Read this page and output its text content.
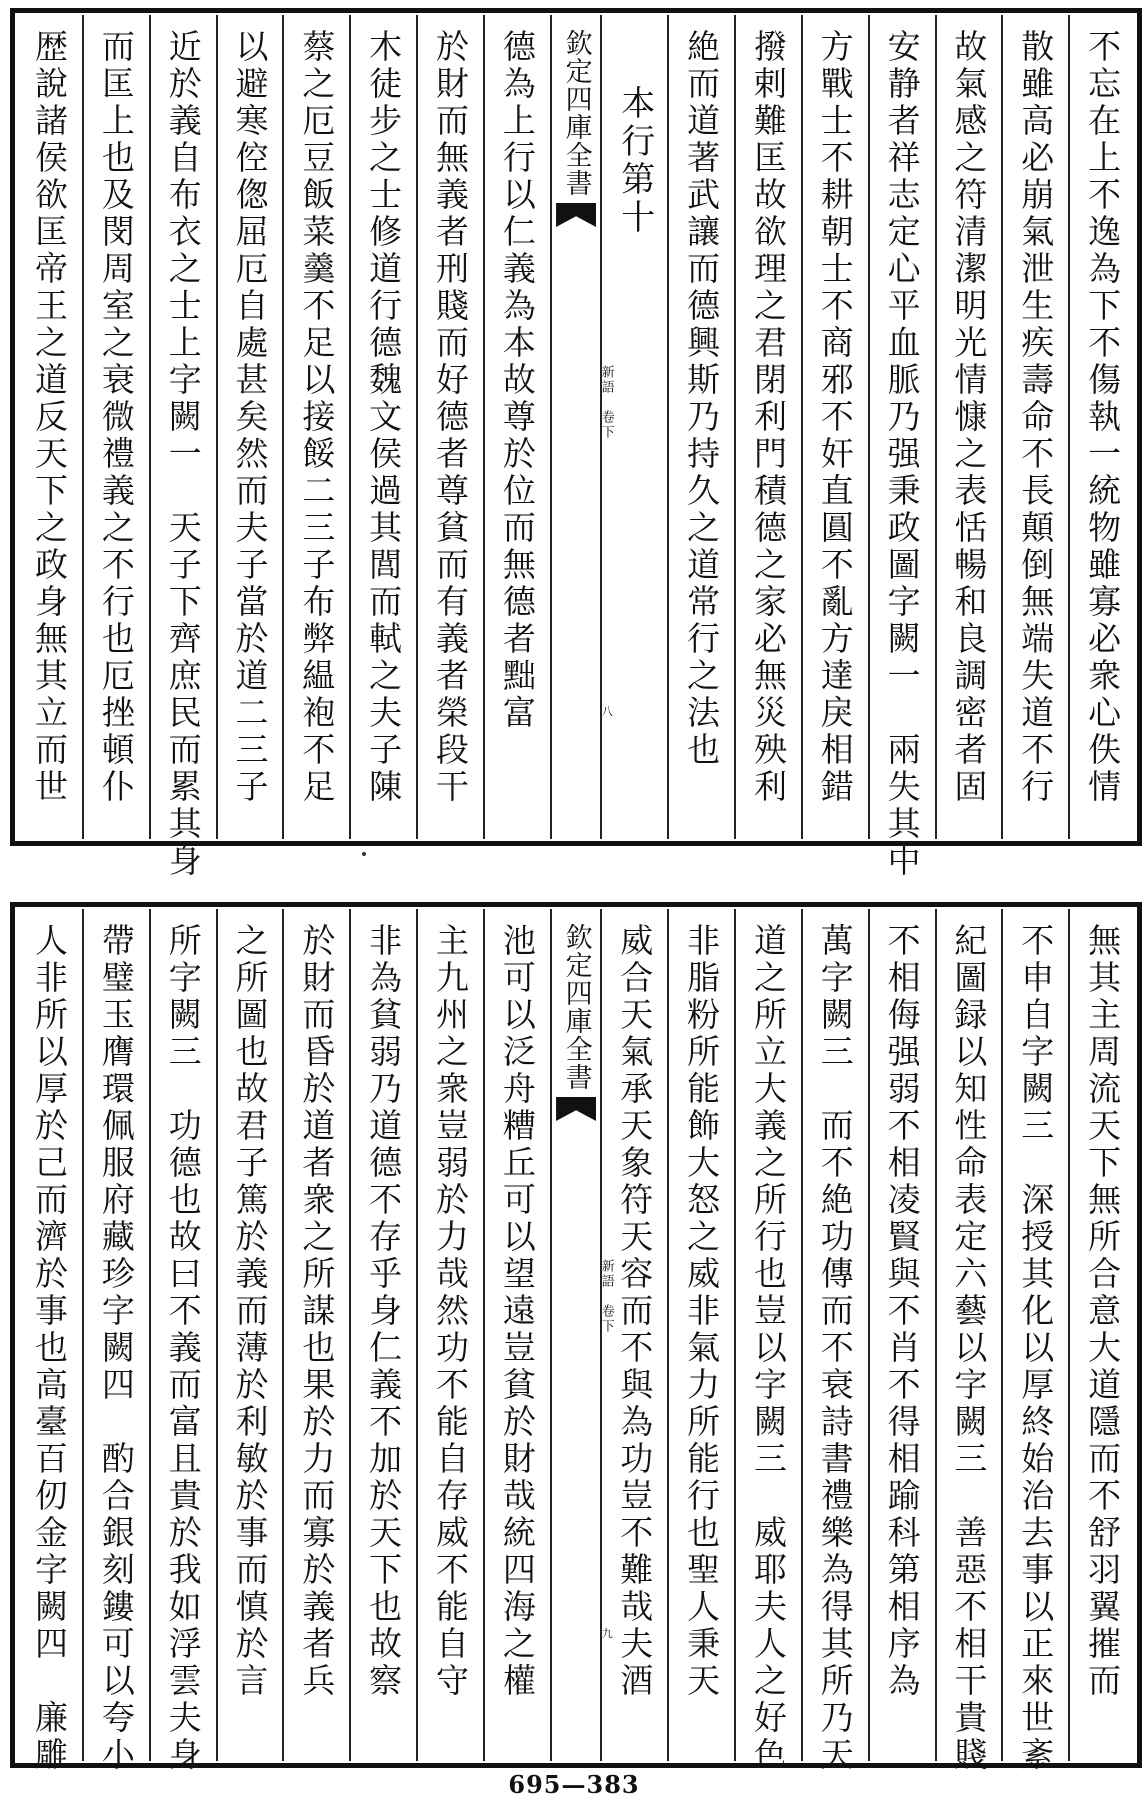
不忘在上不逸為下不傷執一統物雖寡必衆心佚情
散雖高必崩氣泄生疾壽命不長顛倒無端失道不行
故氣感之符清潔明光情慷之表恬暢和良調密者固
安静者祥志定心平血脈乃强秉政圖字闕一　兩失其中
方戰士不耕朝士不商邪不奸直圓不亂方達戾相錯
撥剌難匡故欲理之君閉利門積德之家必無災殃利
絶而道著武讓而德興斯乃持久之道常行之法也
本行第十
欽定四庫全書
新語　卷下
八
德為上行以仁義為本故尊於位而無德者黜富
於財而無義者刑賤而好德者尊貧而有義者榮段干
木徒步之士修道行德魏文侯過其閭而軾之夫子陳
蔡之厄豆飯菜羹不足以接餒二三子布弊緼袍不足
以避寒倥偬屈厄自處甚矣然而夫子當於道二三子
近於義自布衣之士上字闕一　天子下齊庶民而累其身
而匡上也及閔周室之衰微禮義之不行也厄挫頓仆
歴說諸侯欲匡帝王之道反天下之政身無其立而世
無其主周流天下無所合意大道隱而不舒羽翼摧而
不申自字闕三　深授其化以厚終始治去事以正來世紊
紀圖録以知性命表定六藝以字闕三　善惡不相干貴賤
不相侮强弱不相凌賢與不肖不得相踰科第相序為
萬字闕三　而不絶功傳而不衰詩書禮樂為得其所乃天
道之所立大義之所行也豈以字闕三　威耶夫人之好色
非脂粉所能飾大怒之威非氣力所能行也聖人秉天
威合天氣承天象符天容而不與為功豈不難哉夫酒
欽定四庫全書
新語　卷下
九
池可以泛舟糟丘可以望遠豈貧於財哉統四海之權
主九州之衆豈弱於力哉然功不能自存威不能自守
非為貧弱乃道德不存乎身仁義不加於天下也故察
於財而昏於道者衆之所謀也果於力而寡於義者兵
之所圖也故君子篤於義而薄於利敏於事而慎於言
所字闕三　功德也故曰不義而富且貴於我如浮雲夫身
帶璧玉膺環佩服府藏珍字闕四　酌合銀刻鏤可以夸小
人非所以厚於己而濟於事也高臺百仞金字闕四　廉雕
695—383
